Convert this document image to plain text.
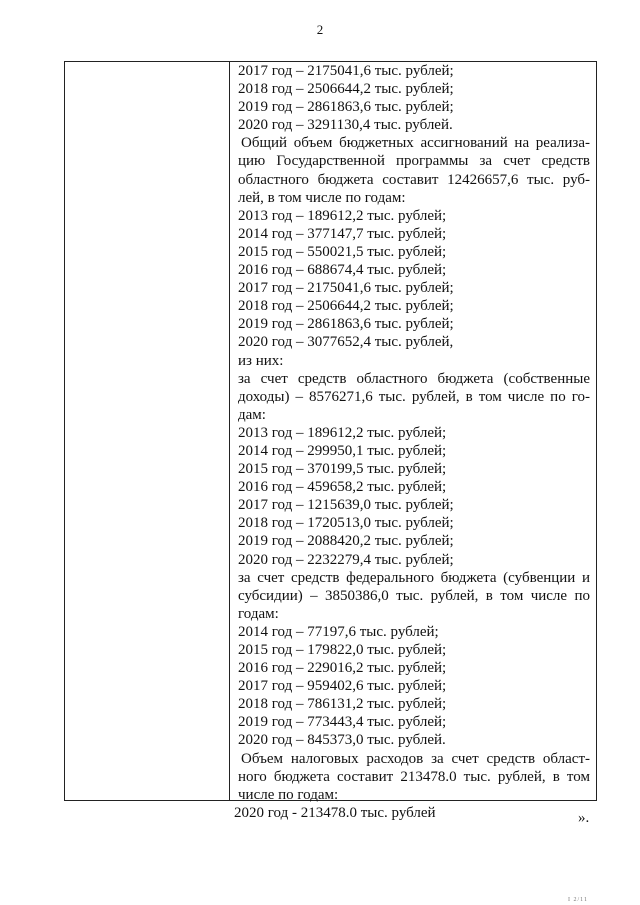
2
2017 год – 2175041,6 тыс. рублей;
2018 год – 2506644,2 тыс. рублей;
2019 год – 2861863,6 тыс. рублей;
2020 год – 3291130,4 тыс. рублей.
Общий объем бюджетных ассигнований на реализа-
цию Государственной программы за счет средств
областного бюджета составит 12426657,6 тыс. руб-
лей, в том числе по годам:
2013 год – 189612,2 тыс. рублей;
2014 год – 377147,7 тыс. рублей;
2015 год – 550021,5 тыс. рублей;
2016 год – 688674,4 тыс. рублей;
2017 год – 2175041,6 тыс. рублей;
2018 год – 2506644,2 тыс. рублей;
2019 год – 2861863,6 тыс. рублей;
2020 год – 3077652,4 тыс. рублей,
из них:
за счет средств областного бюджета (собственные
доходы) – 8576271,6 тыс. рублей, в том числе по го-
дам:
2013 год – 189612,2 тыс. рублей;
2014 год – 299950,1 тыс. рублей;
2015 год – 370199,5 тыс. рублей;
2016 год – 459658,2 тыс. рублей;
2017 год – 1215639,0 тыс. рублей;
2018 год – 1720513,0 тыс. рублей;
2019 год – 2088420,2 тыс. рублей;
2020 год – 2232279,4 тыс. рублей;
за счет средств федерального бюджета (субвенции и
субсидии) – 3850386,0 тыс. рублей, в том числе по
годам:
2014 год – 77197,6 тыс. рублей;
2015 год – 179822,0 тыс. рублей;
2016 год – 229016,2 тыс. рублей;
2017 год – 959402,6 тыс. рублей;
2018 год – 786131,2 тыс. рублей;
2019 год – 773443,4 тыс. рублей;
2020 год – 845373,0 тыс. рублей.
Объем налоговых расходов за счет средств област-
ного бюджета составит 213478.0 тыс. рублей, в том
числе по годам:
2020 год - 213478.0 тыс. рублей	».
I 2/11
